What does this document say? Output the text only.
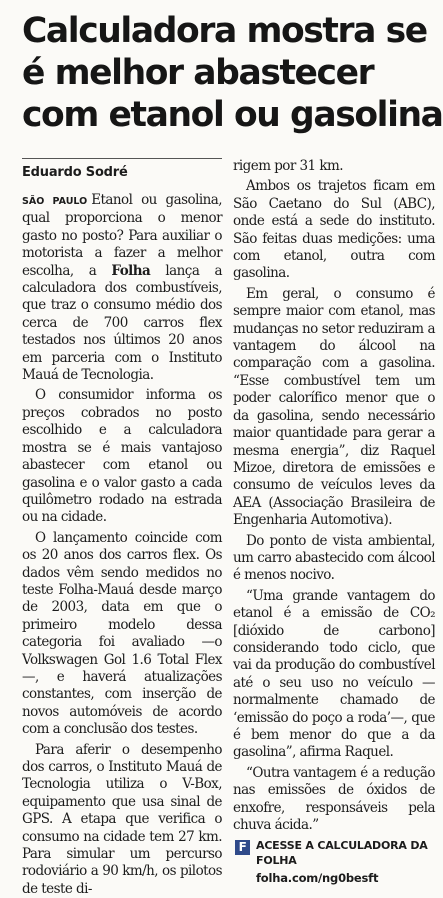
Calculadora mostra se
é melhor abastecer
com etanol ou gasolina
Eduardo Sodré

SÃO PAULO Etanol ou gasolina, qual proporciona o menor gasto no posto? Para auxiliar o motorista a fazer a melhor escolha, a Folha lança a calculadora dos combustíveis, que traz o consumo médio dos cerca de 700 carros flex testados nos últimos 20 anos em parceria com o Instituto Mauá de Tecnologia.

O consumidor informa os preços cobrados no posto escolhido e a calculadora mostra se é mais vantajoso abastecer com etanol ou gasolina e o valor gasto a cada quilômetro rodado na estrada ou na cidade.

O lançamento coincide com os 20 anos dos carros flex. Os dados vêm sendo medidos no teste Folha-Mauá desde março de 2003, data em que o primeiro modelo dessa categoria foi avaliado —o Volkswagen Gol 1.6 Total Flex—, e haverá atualizações constantes, com inserção de novos automóveis de acordo com a conclusão dos testes.

Para aferir o desempenho dos carros, o Instituto Mauá de Tecnologia utiliza o V-Box, equipamento que usa sinal de GPS. A etapa que verifica o consumo na cidade tem 27 km. Para simular um percurso rodoviário a 90 km/h, os pilotos de teste di-

rigem por 31 km.

Ambos os trajetos ficam em São Caetano do Sul (ABC), onde está a sede do instituto. São feitas duas medições: uma com etanol, outra com gasolina.

Em geral, o consumo é sempre maior com etanol, mas mudanças no setor reduziram a vantagem do álcool na comparação com a gasolina. “Esse combustível tem um poder calorífico menor que o da gasolina, sendo necessário maior quantidade para gerar a mesma energia”, diz Raquel Mizoe, diretora de emissões e consumo de veículos leves da AEA (Associação Brasileira de Engenharia Automotiva).

Do ponto de vista ambiental, um carro abastecido com álcool é menos nocivo.

“Uma grande vantagem do etanol é a emissão de CO₂ [dióxido de carbono] considerando todo ciclo, que vai da produção do combustível até o seu uso no veículo —normalmente chamado de ‘emissão do poço a roda’—, que é bem menor do que a da gasolina”, afirma Raquel.

“Outra vantagem é a redução nas emissões de óxidos de enxofre, responsáveis pela chuva ácida.”

F ACESSE A CALCULADORA DA FOLHA
folha.com/ng0besft
